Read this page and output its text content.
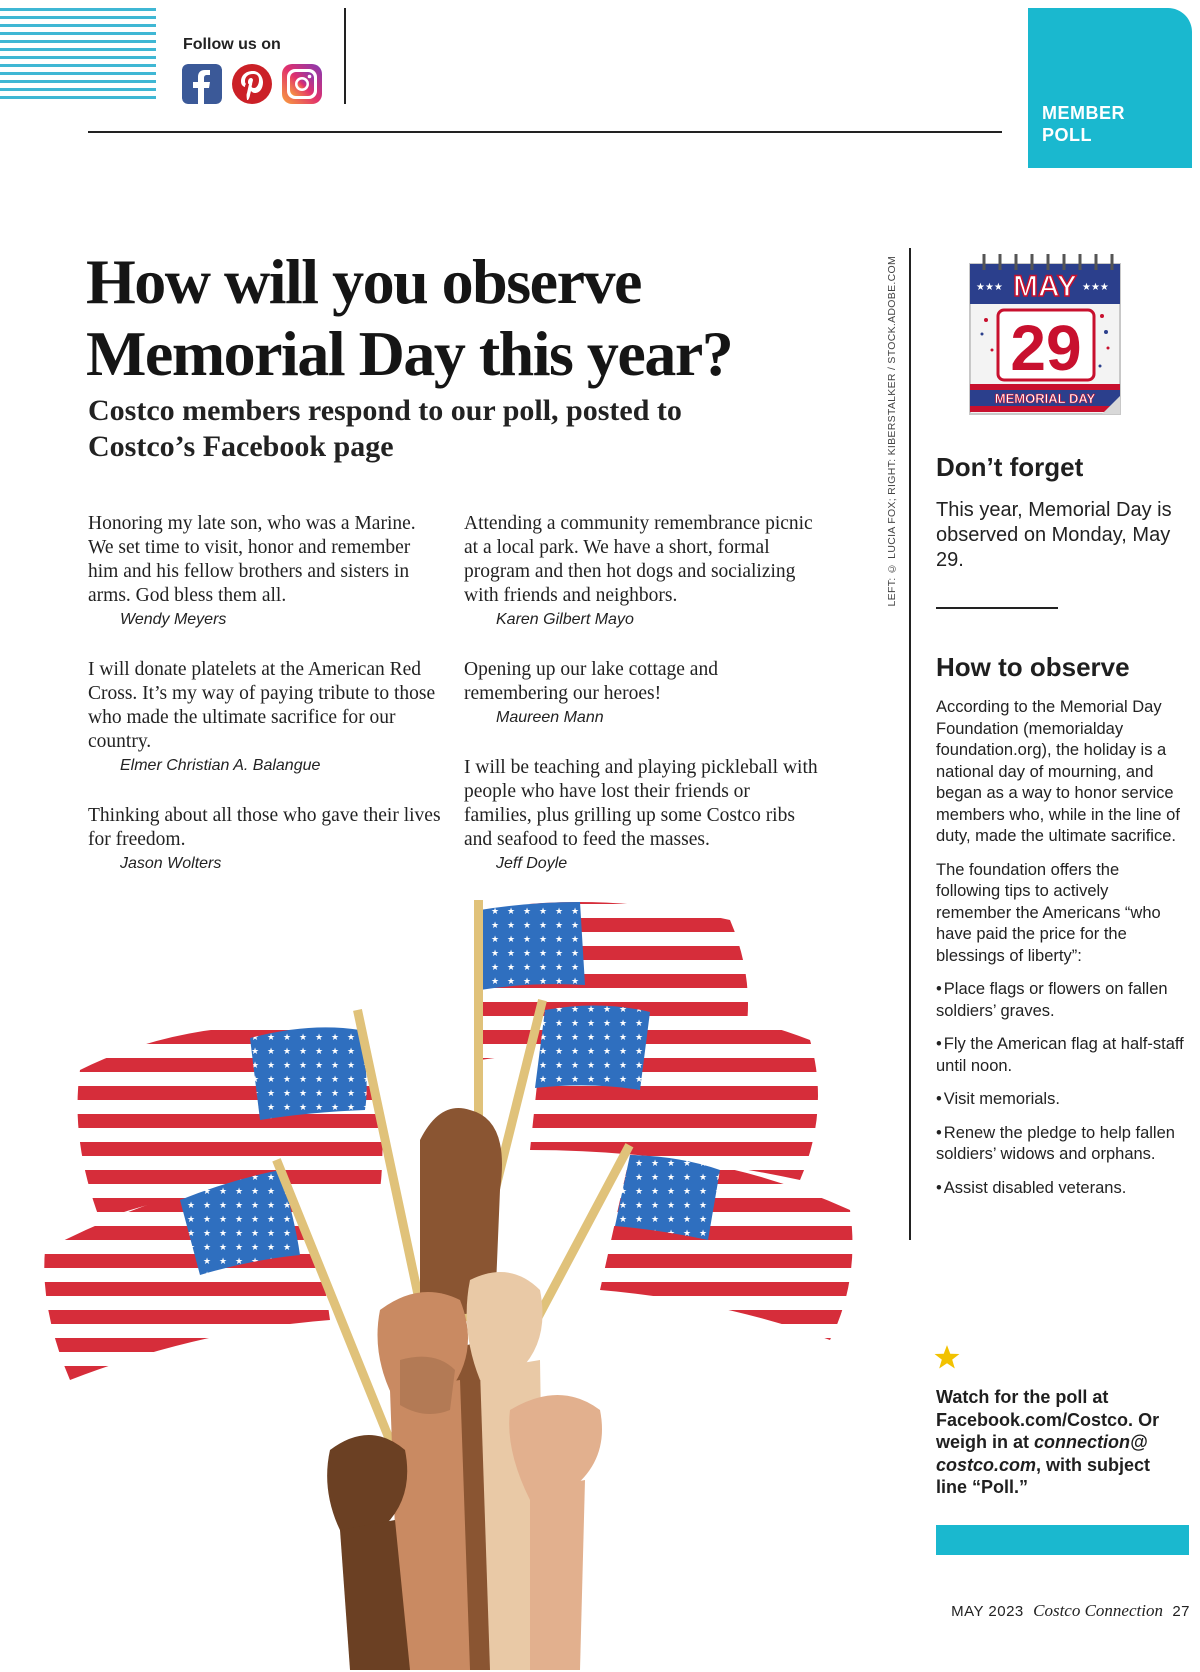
Follow us on
MEMBER
POLL
How will you observe Memorial Day this year?
Costco members respond to our poll, posted to Costco’s Facebook page

Honoring my late son, who was a Marine. We set time to visit, honor and remember him and his fellow brothers and sisters in arms. God bless them all.

Wendy Meyers

I will donate platelets at the American Red Cross. It’s my way of paying tribute to those who made the ultimate sacrifice for our country.

Elmer Christian A. Balangue

Thinking about all those who gave their lives for freedom.

Jason Wolters

Attending a community remembrance picnic at a local park. We have a short, formal program and then hot dogs and socializing with friends and neighbors.

Karen Gilbert Mayo

Opening up our lake cottage and remembering our heroes!

Maureen Mann

I will be teaching and playing pickleball with people who have lost their friends or families, plus grilling up some Costco ribs and seafood to feed the masses.

Jeff Doyle
LEFT: © LUCIA FOX; RIGHT: KIBERSTALKER / STOCK.ADOBE.COM	★★★	★★★
MAY
29
MEMORIAL DAY
Don’t forget

This year, Memorial Day is observed on Monday, May 29.

How to observe

According to the Memorial Day Foundation (memorialday foundation.org), the holiday is a national day of mourning, and began as a way to honor service members who, while in the line of duty, made the ultimate sacrifice.

The foundation offers the following tips to actively remember the Americans “who have paid the price for the blessings of liberty”:

• Place flags or flowers on fallen soldiers’ graves.
• Fly the American flag at half-staff until noon.
• Visit memorials.
• Renew the pledge to help fallen soldiers’ widows and orphans.
• Assist disabled veterans.
Watch for the poll at Facebook.com/Costco. Or weigh in at connection@ costco.com, with subject line “Poll.”
MAY 2023 Costco Connection 27
